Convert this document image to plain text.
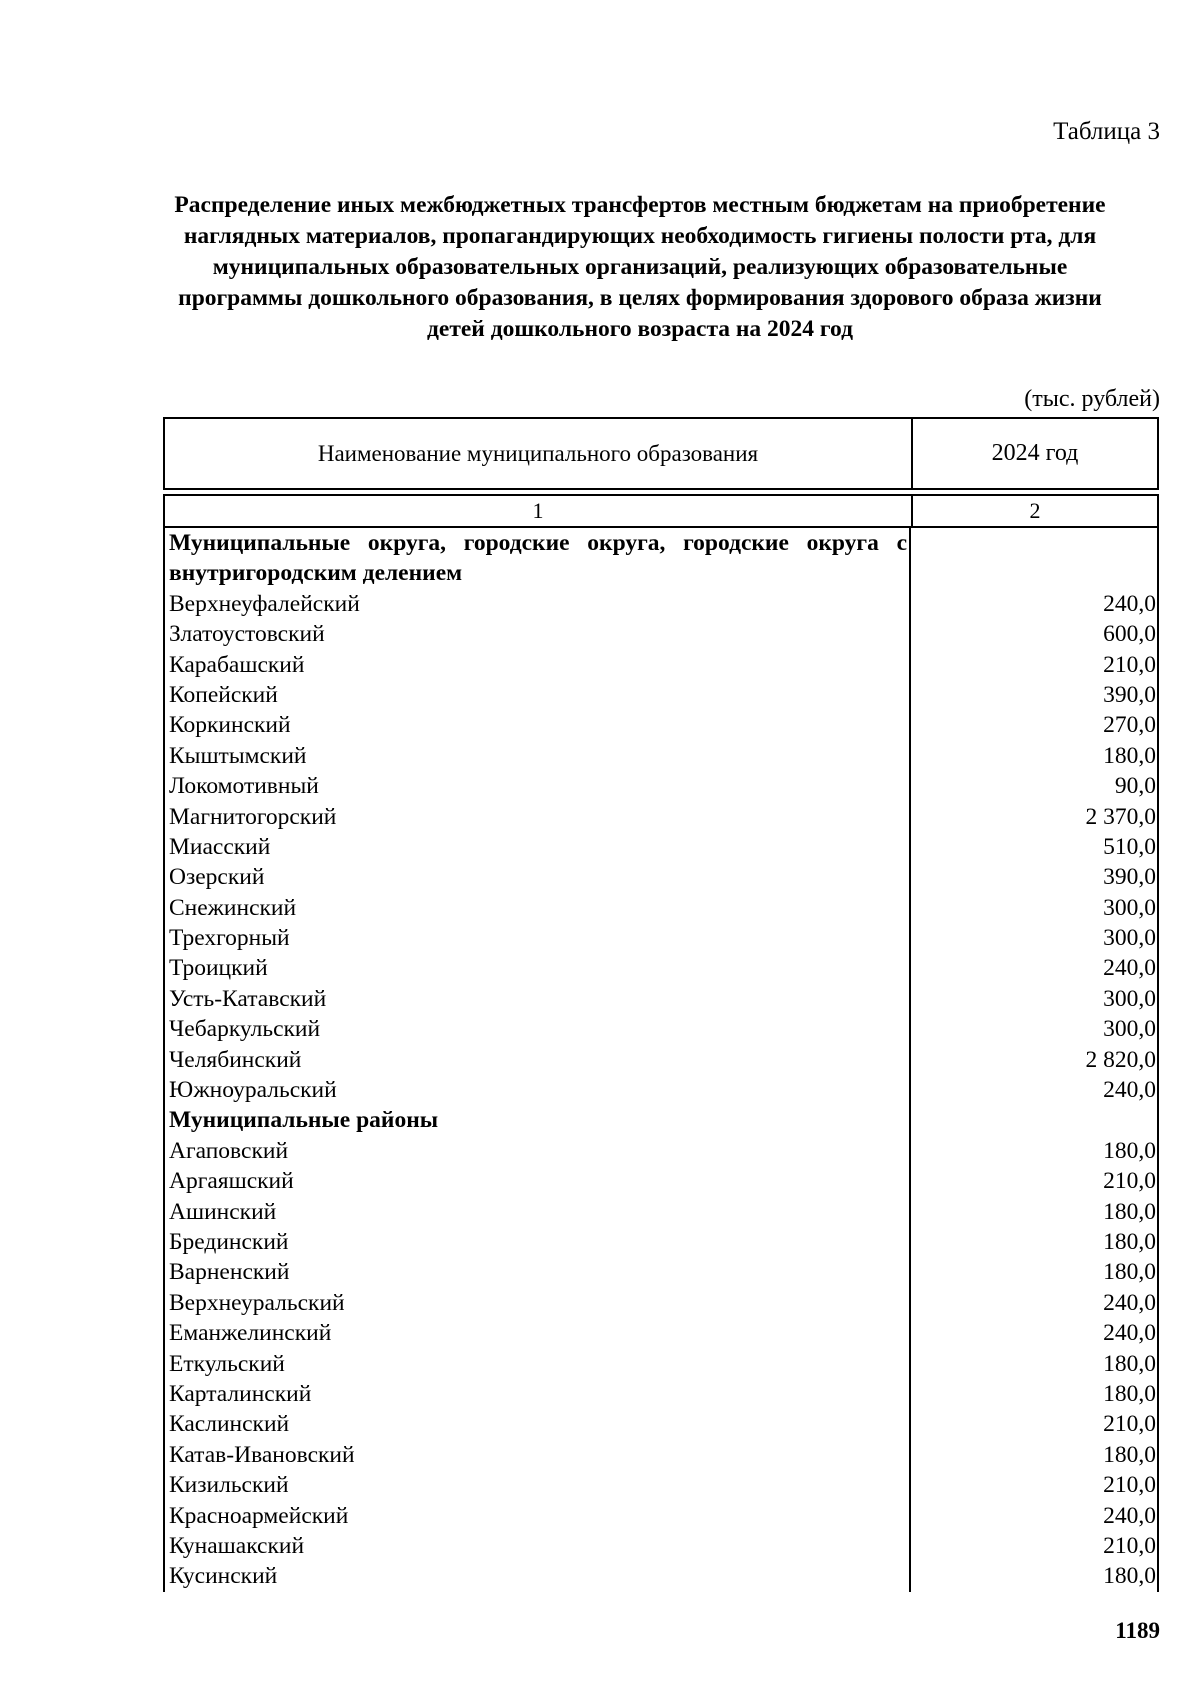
Таблица 3
Распределение иных межбюджетных трансфертов местным бюджетам на приобретение наглядных материалов, пропагандирующих необходимость гигиены полости рта, для муниципальных образовательных организаций, реализующих образовательные программы дошкольного образования, в целях формирования здорового образа жизни детей дошкольного возраста на 2024 год
(тыс. рублей)
Наименование муниципального образования	2024 год
1	2
Муниципальные округа, городские округа, городские округа с внутригородским делением
Верхнеуфалейский	240,0
Златоустовский	600,0
Карабашский	210,0
Копейский	390,0
Коркинский	270,0
Кыштымский	180,0
Локомотивный	90,0
Магнитогорский	2 370,0
Миасский	510,0
Озерский	390,0
Снежинский	300,0
Трехгорный	300,0
Троицкий	240,0
Усть-Катавский	300,0
Чебаркульский	300,0
Челябинский	2 820,0
Южноуральский	240,0
Муниципальные районы
Агаповский	180,0
Аргаяшский	210,0
Ашинский	180,0
Брединский	180,0
Варненский	180,0
Верхнеуральский	240,0
Еманжелинский	240,0
Еткульский	180,0
Карталинский	180,0
Каслинский	210,0
Катав-Ивановский	180,0
Кизильский	210,0
Красноармейский	240,0
Кунашакский	210,0
Кусинский	180,0
1189
